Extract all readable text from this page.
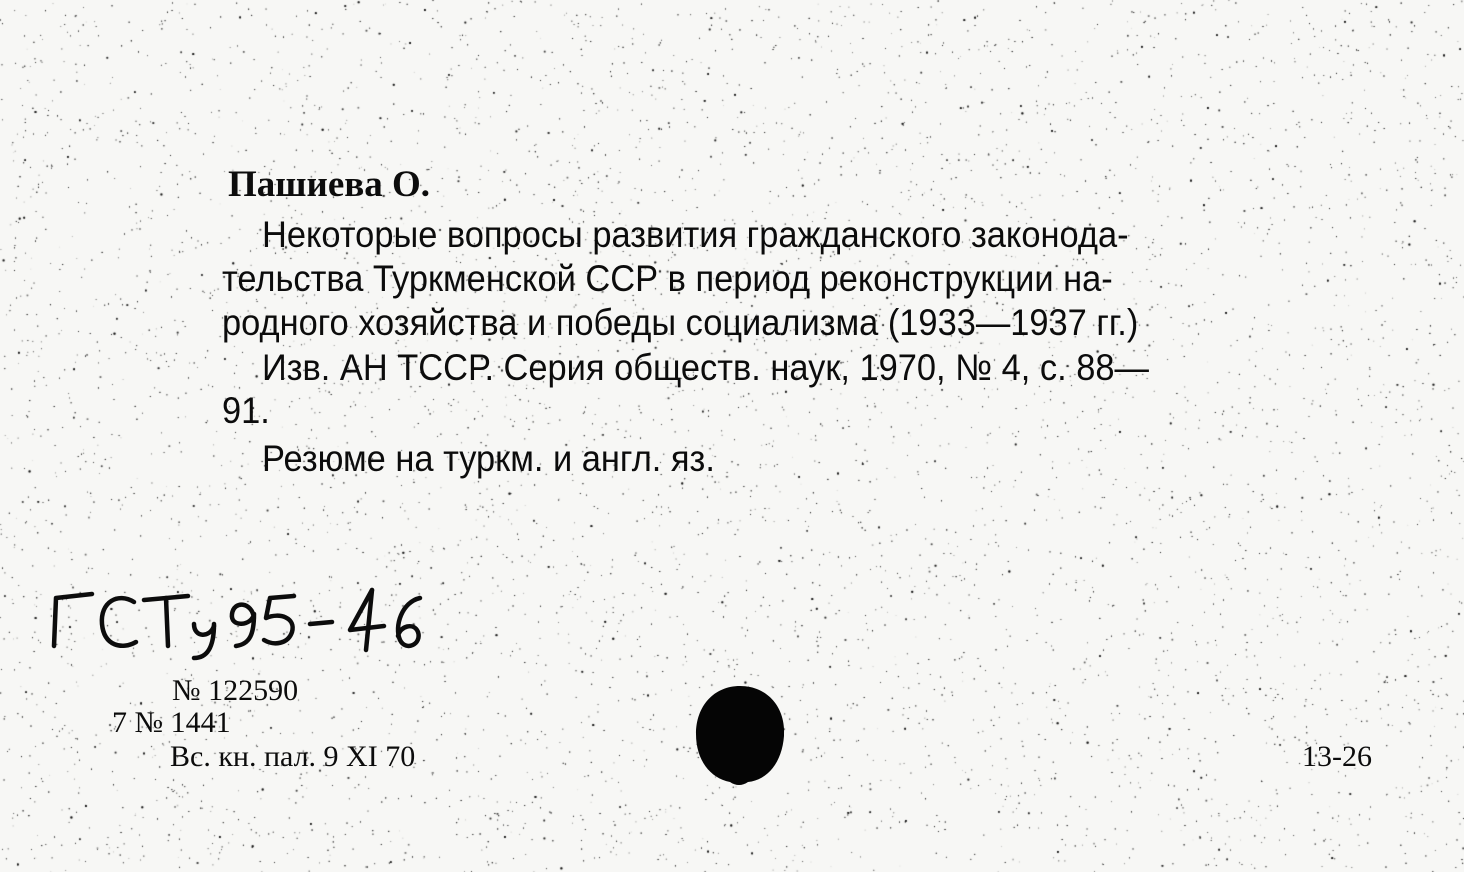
Пашиева О.
Некоторые вопросы развития гражданского законода-
тельства Туркменской ССР в период реконструкции на-
родного хозяйства и победы социализма (1933—1937 гг.)
Изв. АН ТССР. Серия обществ. наук, 1970, № 4, с. 88—
91.
Резюме на туркм. и англ. яз.
№ 122590
7 № 1441
Вс. кн. пал. 9 XI 70	13-26
